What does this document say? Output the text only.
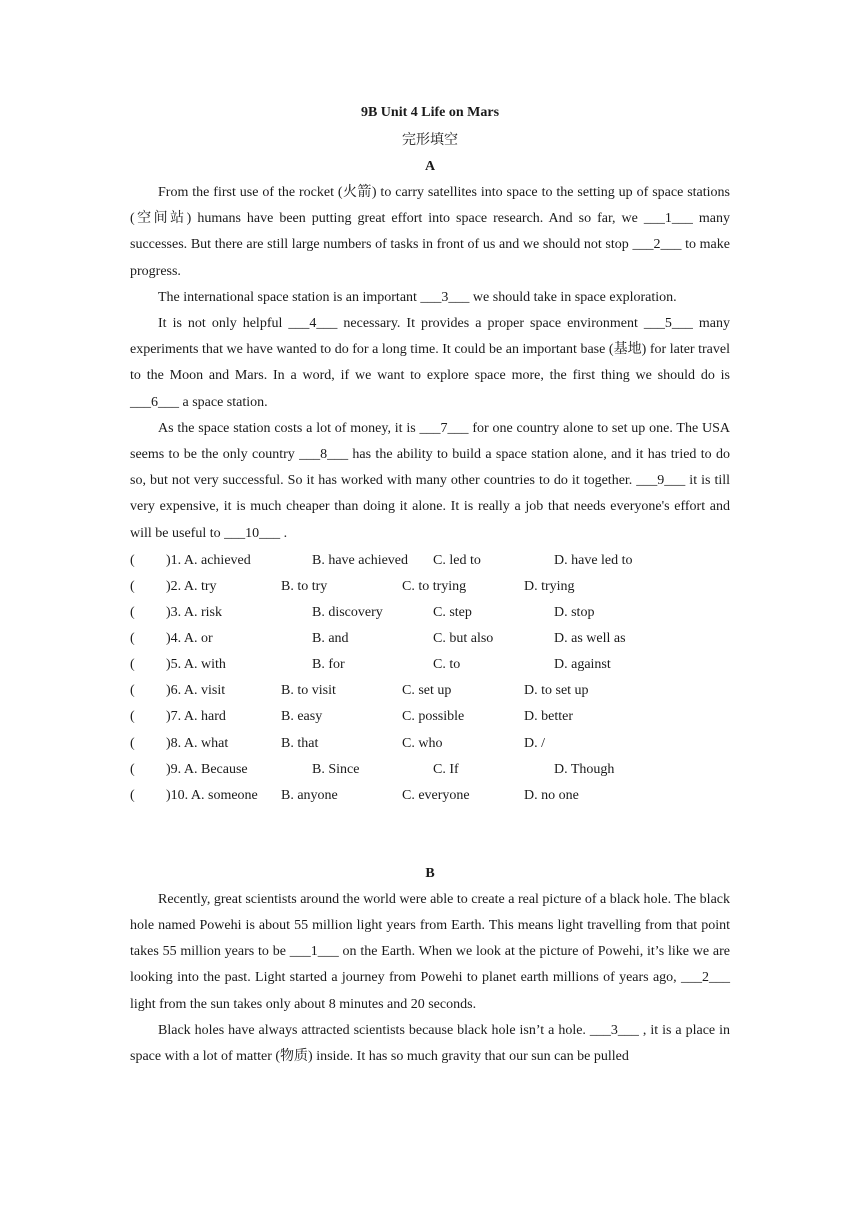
9B Unit 4 Life on Mars
完形填空
A

From the first use of the rocket (火箭) to carry satellites into space to the setting up of space stations (空间站) humans have been putting great effort into space research. And so far, we ___1___ many successes. But there are still large numbers of tasks in front of us and we should not stop ___2___ to make progress.

The international space station is an important ___3___ we should take in space exploration.

It is not only helpful ___4___ necessary. It provides a proper space environment ___5___ many experiments that we have wanted to do for a long time. It could be an important base (基地) for later travel to the Moon and Mars. In a word, if we want to explore space more, the first thing we should do is ___6___ a space station.

As the space station costs a lot of money, it is ___7___ for one country alone to set up one. The USA seems to be the only country ___8___ has the ability to build a space station alone, and it has tried to do so, but not very successful. So it has worked with many other countries to do it together. ___9___ it is till very expensive, it is much cheaper than doing it alone. It is really a job that needs everyone's effort and will be useful to ___10___ .

( )1. A. achieved	B. have achieved C. led to	D. have led to
( )2. A. try	B. to try	C. to trying	D. trying
( )3. A. risk	B. discovery	C. step	D. stop
( )4. A. or	B. and	C. but also	D. as well as
( )5. A. with	B. for	C. to	D. against
( )6. A. visit	B. to visit	C. set up	D. to set up
( )7. A. hard	B. easy	C. possible	D. better
( )8. A. what	B. that	C. who	D. /
( )9. A. Because	B. Since	C. If	D. Though
( )10. A. someone B. anyone	C. everyone	D. no one
B

Recently, great scientists around the world were able to create a real picture of a black hole. The black hole named Powehi is about 55 million light years from Earth. This means light travelling from that point takes 55 million years to be ___1___ on the Earth. When we look at the picture of Powehi, it’s like we are looking into the past. Light started a journey from Powehi to planet earth millions of years ago, ___2___ light from the sun takes only about 8 minutes and 20 seconds.

Black holes have always attracted scientists because black hole isn’t a hole. ___3___ , it is a place in space with a lot of matter (物质) inside. It has so much gravity that our sun can be pulled
